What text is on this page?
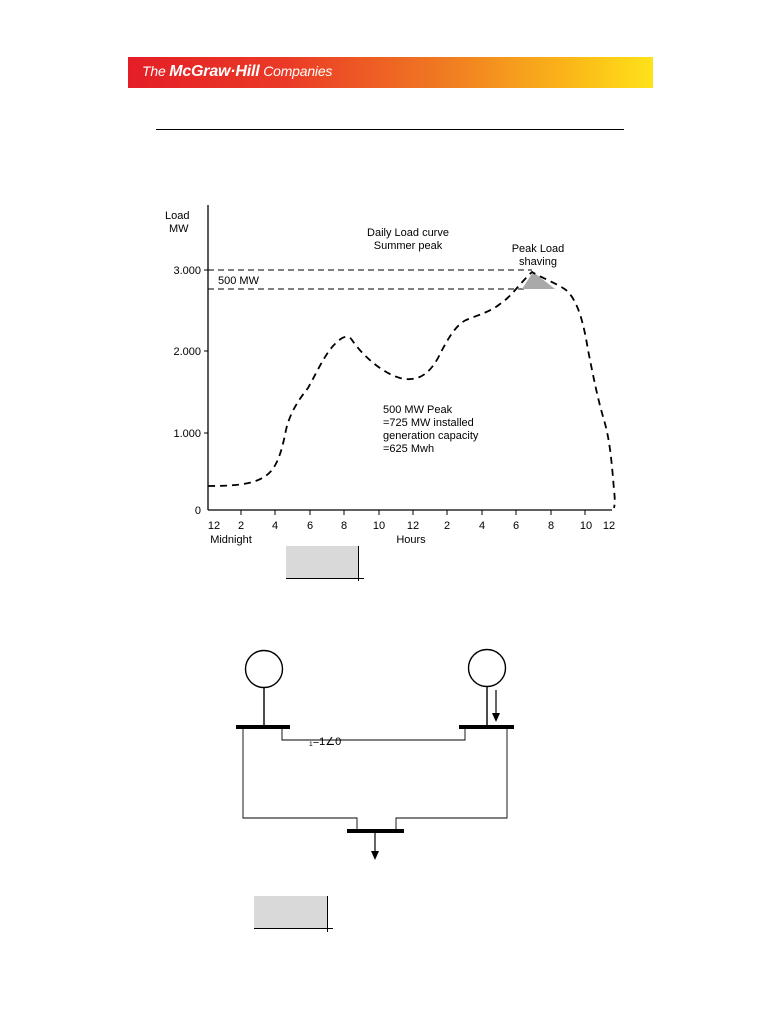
The McGraw·Hill Companies
Load
MW
3.000
2.000
1.000
0
12 2	4	6	8 10 12 2	4	6	8 10 12
Midnight	Hours
Daily Load curve
Summer peak	Peak Load
shaving
500 MW
500 MW Peak
=725 MW installed
generation capacity
=625 Mwh
₁=1∠0
